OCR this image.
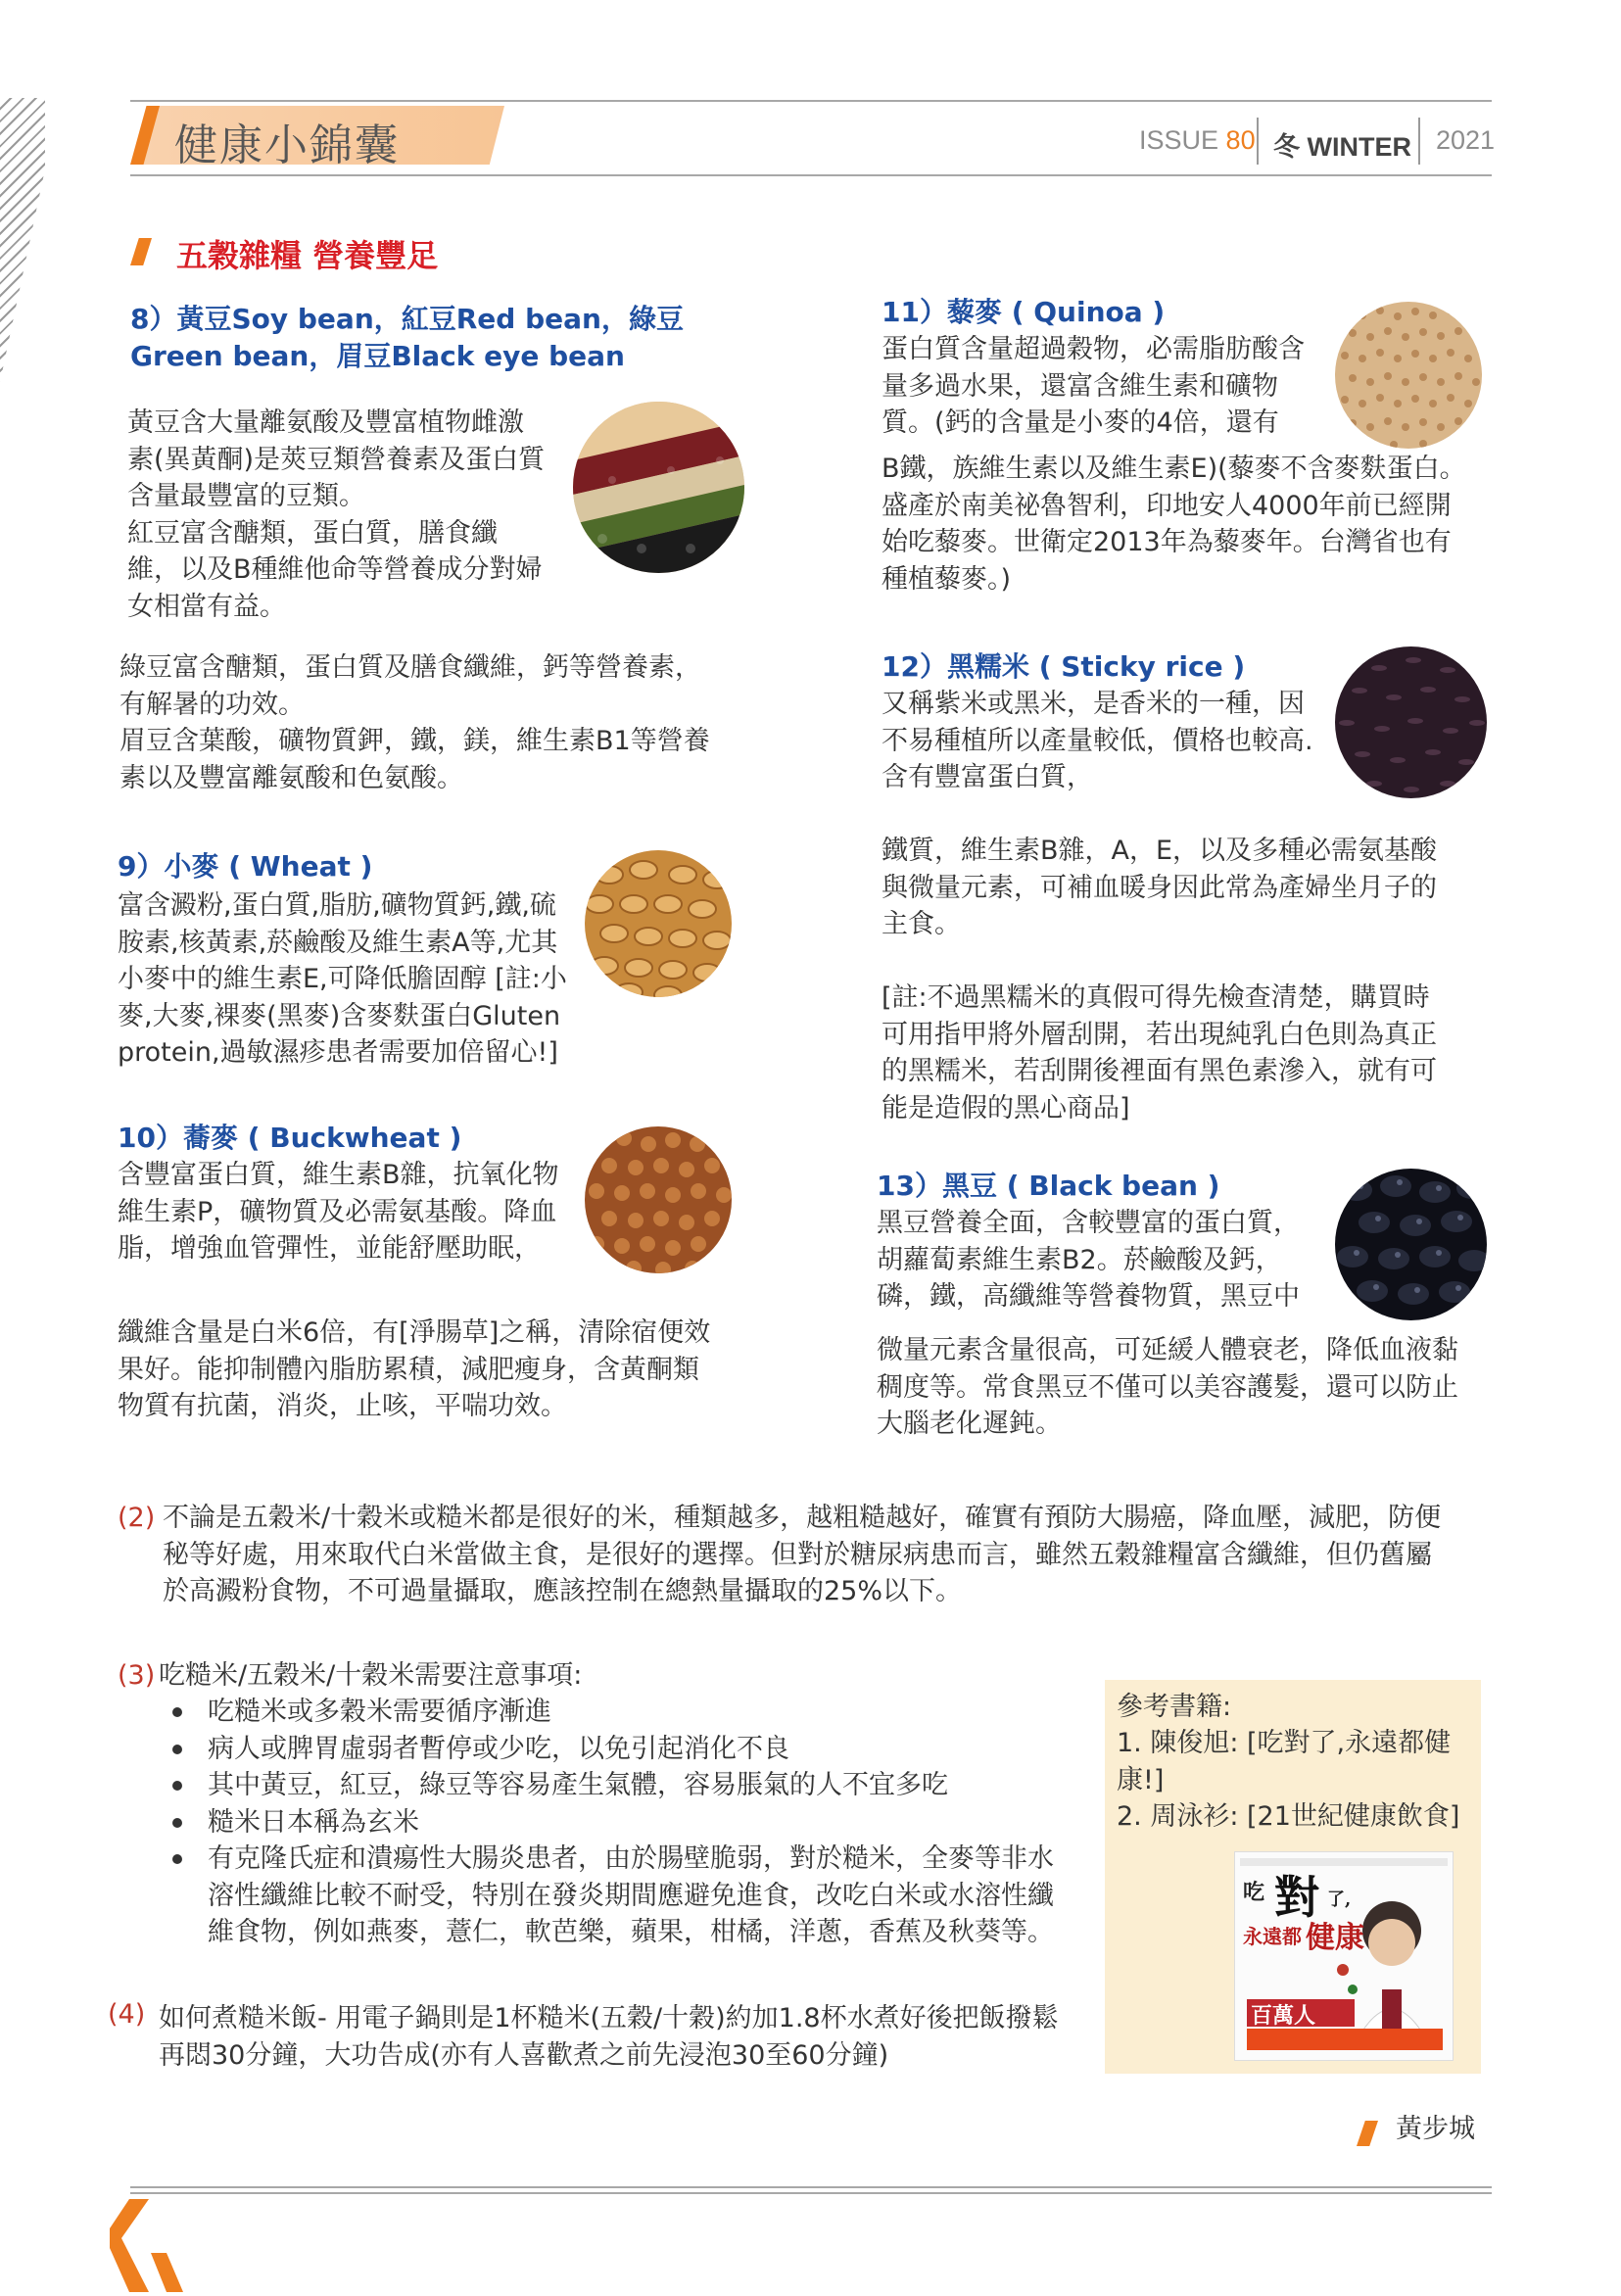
健康小錦囊	ISSUE 80 冬 WINTER 2021
五穀雜糧 營養豐足
8）黃豆Soy bean，紅豆Red bean，綠豆
Green bean，眉豆Black eye bean
黃豆含大量離氨酸及豐富植物雌激
素(異黃酮)是莢豆類營養素及蛋白質
含量最豐富的豆類。
紅豆富含醣類，蛋白質，膳食纖
維，以及B種維他命等營養成分對婦
女相當有益。
綠豆富含醣類，蛋白質及膳食纖維，鈣等營養素，
有解暑的功效。
眉豆含葉酸，礦物質鉀，鐵，鎂，維生素B1等營養
素以及豐富離氨酸和色氨酸。
9）小麥 ( Wheat )
富含澱粉,蛋白質,脂肪,礦物質鈣,鐵,硫
胺素,核黃素,菸鹼酸及維生素A等,尤其
小麥中的維生素E,可降低膽固醇 [註:小
麥,大麥,裸麥(黑麥)含麥麩蛋白Gluten
protein,過敏濕疹患者需要加倍留心!]
10）蕎麥 ( Buckwheat )
含豐富蛋白質，維生素B雜，抗氧化物
維生素P，礦物質及必需氨基酸。降血
脂，增強血管彈性，並能舒壓助眠，
纖維含量是白米6倍，有[淨腸草]之稱，清除宿便效
果好。能抑制體內脂肪累積，減肥瘦身，含黃酮類
物質有抗菌，消炎，止咳，平喘功效。
11）藜麥 ( Quinoa )
蛋白質含量超過穀物，必需脂肪酸含
量多過水果，還富含維生素和礦物
質。(鈣的含量是小麥的4倍，還有
B鐵，族維生素以及維生素E)(藜麥不含麥麩蛋白。
盛產於南美祕魯智利，印地安人4000年前已經開
始吃藜麥。世衛定2013年為藜麥年。台灣省也有
種植藜麥。)
12）黑糯米 ( Sticky rice )
又稱紫米或黑米，是香米的一種，因
不易種植所以產量較低，價格也較高.
含有豐富蛋白質，
鐵質，維生素B雜，A，E，以及多種必需氨基酸
與微量元素，可補血暖身因此常為產婦坐月子的
主食。
[註:不過黑糯米的真假可得先檢查清楚，購買時
可用指甲將外層刮開，若出現純乳白色則為真正
的黑糯米，若刮開後裡面有黑色素滲入，就有可
能是造假的黑心商品]
13）黑豆 ( Black bean )
黑豆營養全面，含較豐富的蛋白質，
胡蘿蔔素維生素B2。菸鹼酸及鈣，
磷，鐵，高纖維等營養物質，黑豆中
微量元素含量很高，可延緩人體衰老，降低血液黏
稠度等。常食黑豆不僅可以美容護髮，還可以防止
大腦老化遲鈍。
(2) 不論是五穀米/十穀米或糙米都是很好的米，種類越多，越粗糙越好，確實有預防大腸癌，降血壓，減肥，防便
秘等好處，用來取代白米當做主食，是很好的選擇。但對於糖尿病患而言，雖然五穀雜糧富含纖維，但仍舊屬
於高澱粉食物，不可過量攝取，應該控制在總熱量攝取的25%以下。
(3) 吃糙米/五穀米/十穀米需要注意事項:
吃糙米或多穀米需要循序漸進
病人或脾胃虛弱者暫停或少吃，以免引起消化不良
其中黃豆，紅豆，綠豆等容易產生氣體，容易脹氣的人不宜多吃
糙米日本稱為玄米
有克隆氏症和潰瘍性大腸炎患者，由於腸壁脆弱，對於糙米，全麥等非水
溶性纖維比較不耐受，特別在發炎期間應避免進食，改吃白米或水溶性纖
維食物，例如燕麥，薏仁，軟芭樂，蘋果，柑橘，洋蔥，香蕉及秋葵等。
(4) 如何煮糙米飯- 用電子鍋則是1杯糙米(五穀/十穀)約加1.8杯水煮好後把飯撥鬆
再悶30分鐘，大功告成(亦有人喜歡煮之前先浸泡30至60分鐘)
參考書籍:
1. 陳俊旭: [吃對了,永遠都健
康!]
2. 周泳衫: [21世紀健康飲食]
吃 對 了,
永遠都 健康
百萬人
黃步城
2
